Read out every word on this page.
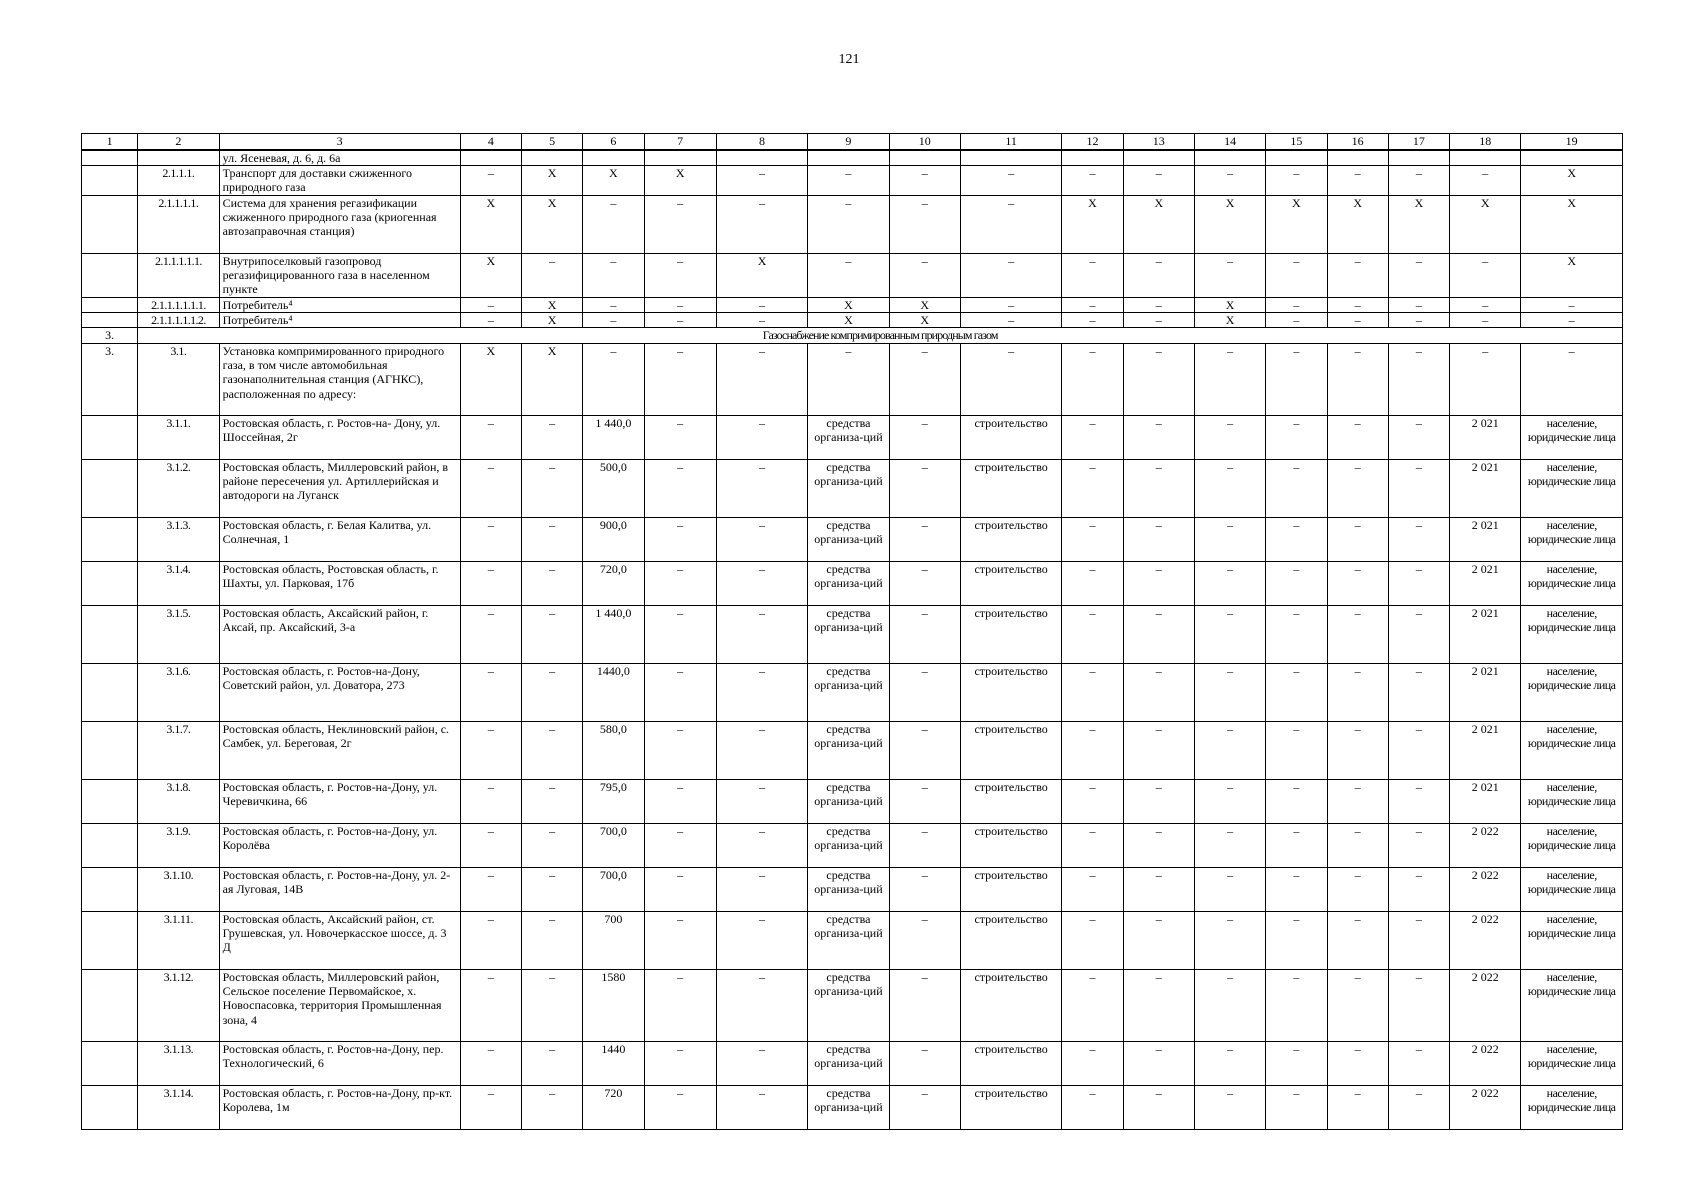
121
1	2	3	4	5	6	7	8	9	10	11	12	13	14	15	16	17	18	19
		ул. Ясеневая, д. 6, д. 6а																
	2.1.1.1.	Транспорт для доставки сжиженного природного газа	–	X	X	X	–	–	–	–	–	–	–	–	–	–	–	X
	2.1.1.1.1.	Система для хранения регазификации сжиженного природного газа (криогенная автозаправочная станция)	X	X	–	–	–	–	–	–	X	X	X	X	X	X	X	X
	2.1.1.1.1.1.	Внутрипоселковый газопровод регазифицированного газа в населенном пункте	X	–	–	–	X	–	–	–	–	–	–	–	–	–	–	X
	2.1.1.1.1.1.1.	Потребитель⁴	–	X	–	–	–	X	X	–	–	–	X	–	–	–	–	–
	2.1.1.1.1.1.2.	Потребитель⁴	–	X	–	–	–	X	X	–	–	–	X	–	–	–	–	–
3.	Газоснабжение компримированным природным газом																	
3.	3.1.	Установка компримированного природного газа, в том числе автомобильная газонаполнительная станция (АГНКС), расположенная по адресу:	X	X	–	–	–	–	–	–	–	–	–	–	–	–	–	–
	3.1.1.	Ростовская область, г. Ростов-на- Дону, ул. Шоссейная, 2г	–	–	1 440,0	–	–	средства организа-ций	–	строительство	–	–	–	–	–	–	2 021	население, юридические лица
	3.1.2.	Ростовская область, Миллеровский район, в районе пересечения ул. Артиллерийская и автодороги на Луганск	–	–	500,0	–	–	средства организа-ций	–	строительство	–	–	–	–	–	–	2 021	население, юридические лица
	3.1.3.	Ростовская область, г. Белая Калитва, ул. Солнечная, 1	–	–	900,0	–	–	средства организа-ций	–	строительство	–	–	–	–	–	–	2 021	население, юридические лица
	3.1.4.	Ростовская область, Ростовская область, г. Шахты, ул. Парковая, 17б	–	–	720,0	–	–	средства организа-ций	–	строительство	–	–	–	–	–	–	2 021	население, юридические лица
	3.1.5.	Ростовская область, Аксайский район, г. Аксай, пр. Аксайский, 3-а	–	–	1 440,0	–	–	средства организа-ций	–	строительство	–	–	–	–	–	–	2 021	население, юридические лица
	3.1.6.	Ростовская область, г. Ростов-на-Дону, Советский район, ул. Доватора, 273	–	–	1440,0	–	–	средства организа-ций	–	строительство	–	–	–	–	–	–	2 021	население, юридические лица
	3.1.7.	Ростовская область, Неклиновский район, с. Самбек, ул. Береговая, 2г	–	–	580,0	–	–	средства организа-ций	–	строительство	–	–	–	–	–	–	2 021	население, юридические лица
	3.1.8.	Ростовская область, г. Ростов-на-Дону, ул. Черевичкина, 66	–	–	795,0	–	–	средства организа-ций	–	строительство	–	–	–	–	–	–	2 021	население, юридические лица
	3.1.9.	Ростовская область, г. Ростов-на-Дону, ул. Королёва	–	–	700,0	–	–	средства организа-ций	–	строительство	–	–	–	–	–	–	2 022	население, юридические лица
	3.1.10.	Ростовская область, г. Ростов-на-Дону, ул. 2-ая Луговая, 14В	–	–	700,0	–	–	средства организа-ций	–	строительство	–	–	–	–	–	–	2 022	население, юридические лица
	3.1.11.	Ростовская область, Аксайский район, ст. Грушевская, ул. Новочеркасское шоссе, д. 3 Д	–	–	700	–	–	средства организа-ций	–	строительство	–	–	–	–	–	–	2 022	население, юридические лица
	3.1.12.	Ростовская область, Миллеровский район, Сельское поселение Первомайское, х. Новоспасовка, территория Промышленная зона, 4	–	–	1580	–	–	средства организа-ций	–	строительство	–	–	–	–	–	–	2 022	население, юридические лица
	3.1.13.	Ростовская область, г. Ростов-на-Дону, пер. Технологический, 6	–	–	1440	–	–	средства организа-ций	–	строительство	–	–	–	–	–	–	2 022	население, юридические лица
	3.1.14.	Ростовская область, г. Ростов-на-Дону, пр-кт. Королева, 1м	–	–	720	–	–	средства организа-ций	–	строительство	–	–	–	–	–	–	2 022	население, юридические лица
